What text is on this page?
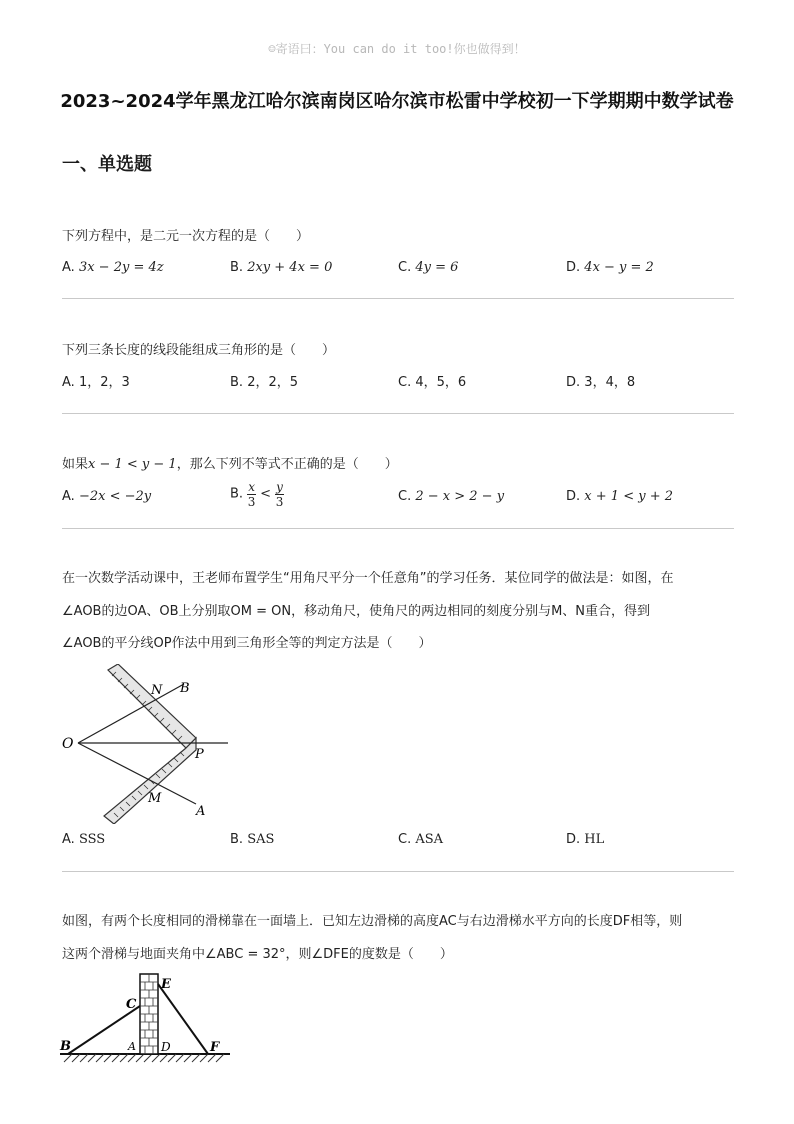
☺寄语曰：You can do it too!你也做得到！
2023~2024学年黑龙江哈尔滨南岗区哈尔滨市松雷中学校初一下学期期中数学试卷
一、单选题
下列方程中，是二元一次方程的是（　　）
A. 3x − 2y = 4z	B. 2xy + 4x = 0	C. 4y = 6	D. 4x − y = 2
下列三条长度的线段能组成三角形的是（　　）
A. 1，2，3	B. 2，2，5	C. 4，5，6	D. 3，4，8
如果x − 1 < y − 1，那么下列不等式不正确的是（　　）
A. −2x < −2y	B. $\frac{x}{3} < \frac{y}{3}$	C. 2 − x > 2 − y	D. x + 1 < y + 2
在一次数学活动课中，王老师布置学生“用角尺平分一个任意角”的学习任务．某位同学的做法是：如图，在
∠AOB的边OA、OB上分别取OM = ON，移动角尺，使角尺的两边相同的刻度分别与M、N重合，得到
∠AOB的平分线OP作法中用到三角形全等的判定方法是（　　）
O
N B
P
M
A
A. SSS	B. SAS	C. ASA	D. HL
如图，有两个长度相同的滑梯靠在一面墙上．已知左边滑梯的高度AC与右边滑梯水平方向的长度DF相等，则
这两个滑梯与地面夹角中∠ABC = 32°，则∠DFE的度数是（　　）
B
C
A D
E
F
